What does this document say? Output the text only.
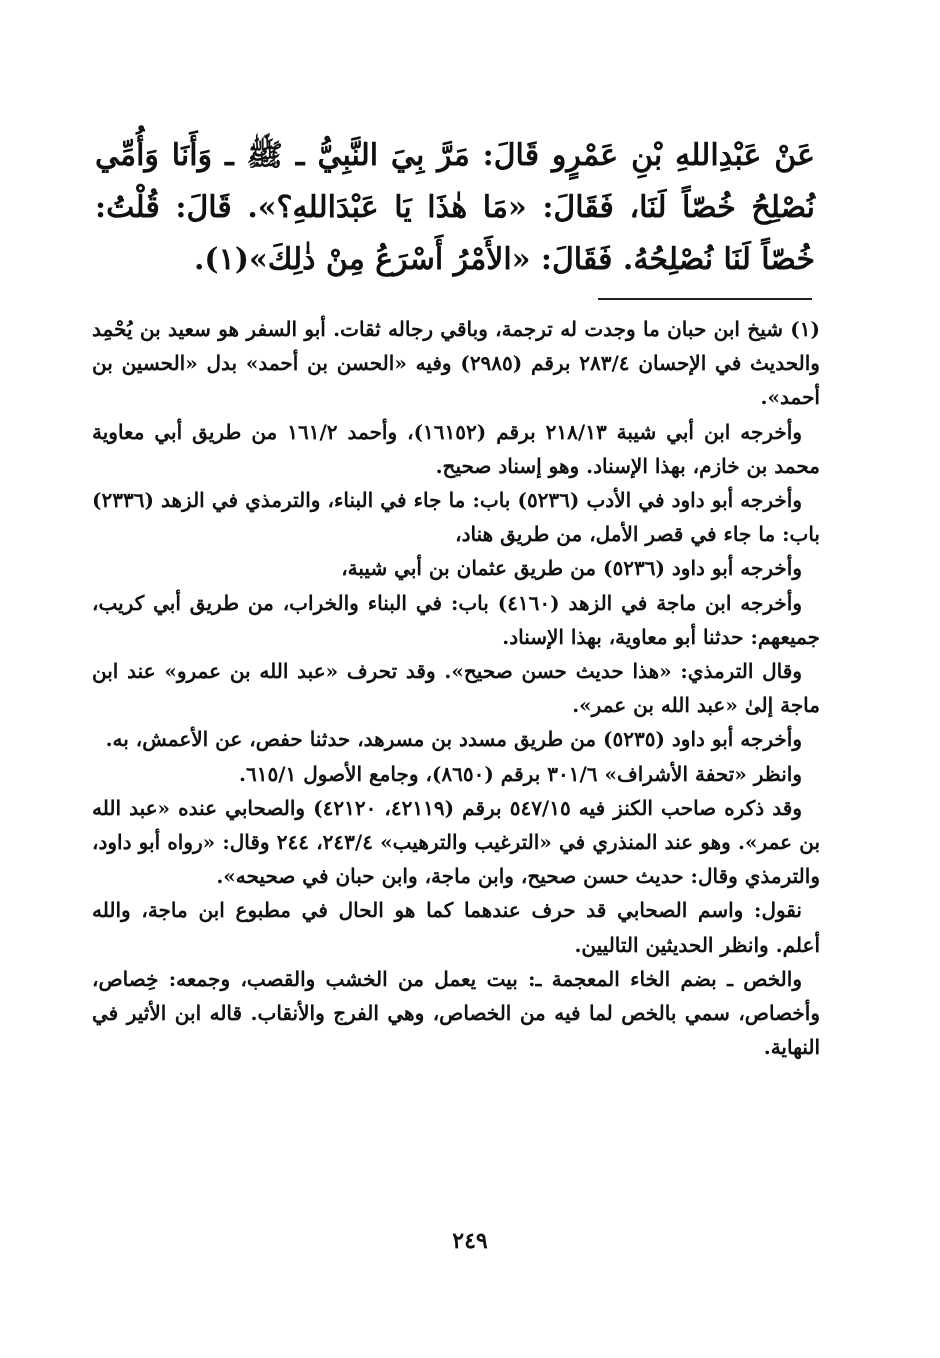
عَنْ عَبْدِاللهِ بْنِ عَمْرٍو قَالَ: مَرَّ بِيَ النَّبِيُّ ـ ﷺ ـ وَأَنَا وَأُمِّي نُصْلِحُ خُصّاً لَنَا، فَقَالَ: «مَا هٰذَا يَا عَبْدَاللهِ؟». قَالَ: قُلْتُ: خُصّاً لَنَا نُصْلِحُهُ. فَقَالَ: «الأَمْرُ أَسْرَعُ مِنْ ذٰلِكَ»(١).

(١) شيخ ابن حبان ما وجدت له ترجمة، وباقي رجاله ثقات. أبو السفر هو سعيد بن يُحْمِد والحديث في الإحسان ٢٨٣/٤ برقم (٢٩٨٥) وفيه «الحسن بن أحمد» بدل «الحسين بن أحمد».

وأخرجه ابن أبي شيبة ٢١٨/١٣ برقم (١٦١٥٢)، وأحمد ١٦١/٢ من طريق أبي معاوية محمد بن خازم، بهذا الإسناد. وهو إسناد صحيح.

وأخرجه أبو داود في الأدب (٥٢٣٦) باب: ما جاء في البناء، والترمذي في الزهد (٢٣٣٦) باب: ما جاء في قصر الأمل، من طريق هناد،

وأخرجه أبو داود (٥٢٣٦) من طريق عثمان بن أبي شيبة،

وأخرجه ابن ماجة في الزهد (٤١٦٠) باب: في البناء والخراب، من طريق أبي كريب، جميعهم: حدثنا أبو معاوية، بهذا الإسناد.

وقال الترمذي: «هذا حديث حسن صحيح». وقد تحرف «عبد الله بن عمرو» عند ابن ماجة إلىٰ «عبد الله بن عمر».

وأخرجه أبو داود (٥٢٣٥) من طريق مسدد بن مسرهد، حدثنا حفص، عن الأعمش، به.

وانظر «تحفة الأشراف» ٣٠١/٦ برقم (٨٦٥٠)، وجامع الأصول ٦١٥/١.

وقد ذكره صاحب الكنز فيه ٥٤٧/١٥ برقم (٤٢١١٩، ٤٢١٢٠) والصحابي عنده «عبد الله بن عمر». وهو عند المنذري في «الترغيب والترهيب» ٢٤٣/٤، ٢٤٤ وقال: «رواه أبو داود، والترمذي وقال: حديث حسن صحيح، وابن ماجة، وابن حبان في صحيحه».

نقول: واسم الصحابي قد حرف عندهما كما هو الحال في مطبوع ابن ماجة، والله أعلم. وانظر الحديثين التاليين.

والخص ـ بضم الخاء المعجمة ـ: بيت يعمل من الخشب والقصب، وجمعه: خِصاص، وأخصاص، سمي بالخص لما فيه من الخصاص، وهي الفرج والأنقاب. قاله ابن الأثير في النهاية.

٢٤٩
